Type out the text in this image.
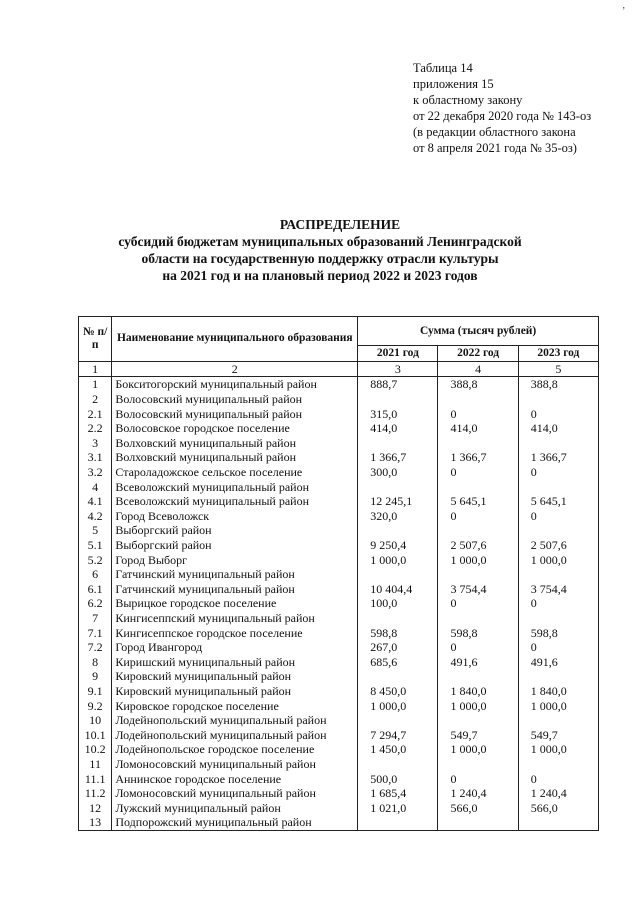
’
Таблица 14
приложения 15
к областному закону
от 22 декабря 2020 года № 143-оз
(в редакции областного закона
от 8 апреля 2021 года № 35-оз)
РАСПРЕДЕЛЕНИЕ
субсидий бюджетам муниципальных образований Ленинградской
области на государственную поддержку отрасли культуры
на 2021 год и на плановый период 2022 и 2023 годов
№ п/п	Наименование муниципального образования	Сумма (тысяч рублей)		
		2021 год	2022 год	2023 год
1	2	3	4	5
1	Бокситогорский муниципальный район	888,7	388,8	388,8
2	Волосовский муниципальный район			
2.1	Волосовский муниципальный район	315,0	0	0
2.2	Волосовское городское поселение	414,0	414,0	414,0
3	Волховский муниципальный район			
3.1	Волховский муниципальный район	1 366,7	1 366,7	1 366,7
3.2	Староладожское сельское поселение	300,0	0	0
4	Всеволожский муниципальный район			
4.1	Всеволожский муниципальный район	12 245,1	5 645,1	5 645,1
4.2	Город Всеволожск	320,0	0	0
5	Выборгский район			
5.1	Выборгский район	9 250,4	2 507,6	2 507,6
5.2	Город Выборг	1 000,0	1 000,0	1 000,0
6	Гатчинский муниципальный район			
6.1	Гатчинский муниципальный район	10 404,4	3 754,4	3 754,4
6.2	Вырицкое городское поселение	100,0	0	0
7	Кингисеппский муниципальный район			
7.1	Кингисеппское городское поселение	598,8	598,8	598,8
7.2	Город Ивангород	267,0	0	0
8	Киришский муниципальный район	685,6	491,6	491,6
9	Кировский муниципальный район			
9.1	Кировский муниципальный район	8 450,0	1 840,0	1 840,0
9.2	Кировское городское поселение	1 000,0	1 000,0	1 000,0
10	Лодейнопольский муниципальный район			
10.1	Лодейнопольский муниципальный район	7 294,7	549,7	549,7
10.2	Лодейнопольское городское поселение	1 450,0	1 000,0	1 000,0
11	Ломоносовский муниципальный район			
11.1	Аннинское городское поселение	500,0	0	0
11.2	Ломоносовский муниципальный район	1 685,4	1 240,4	1 240,4
12	Лужский муниципальный район	1 021,0	566,0	566,0
13	Подпорожский муниципальный район			
